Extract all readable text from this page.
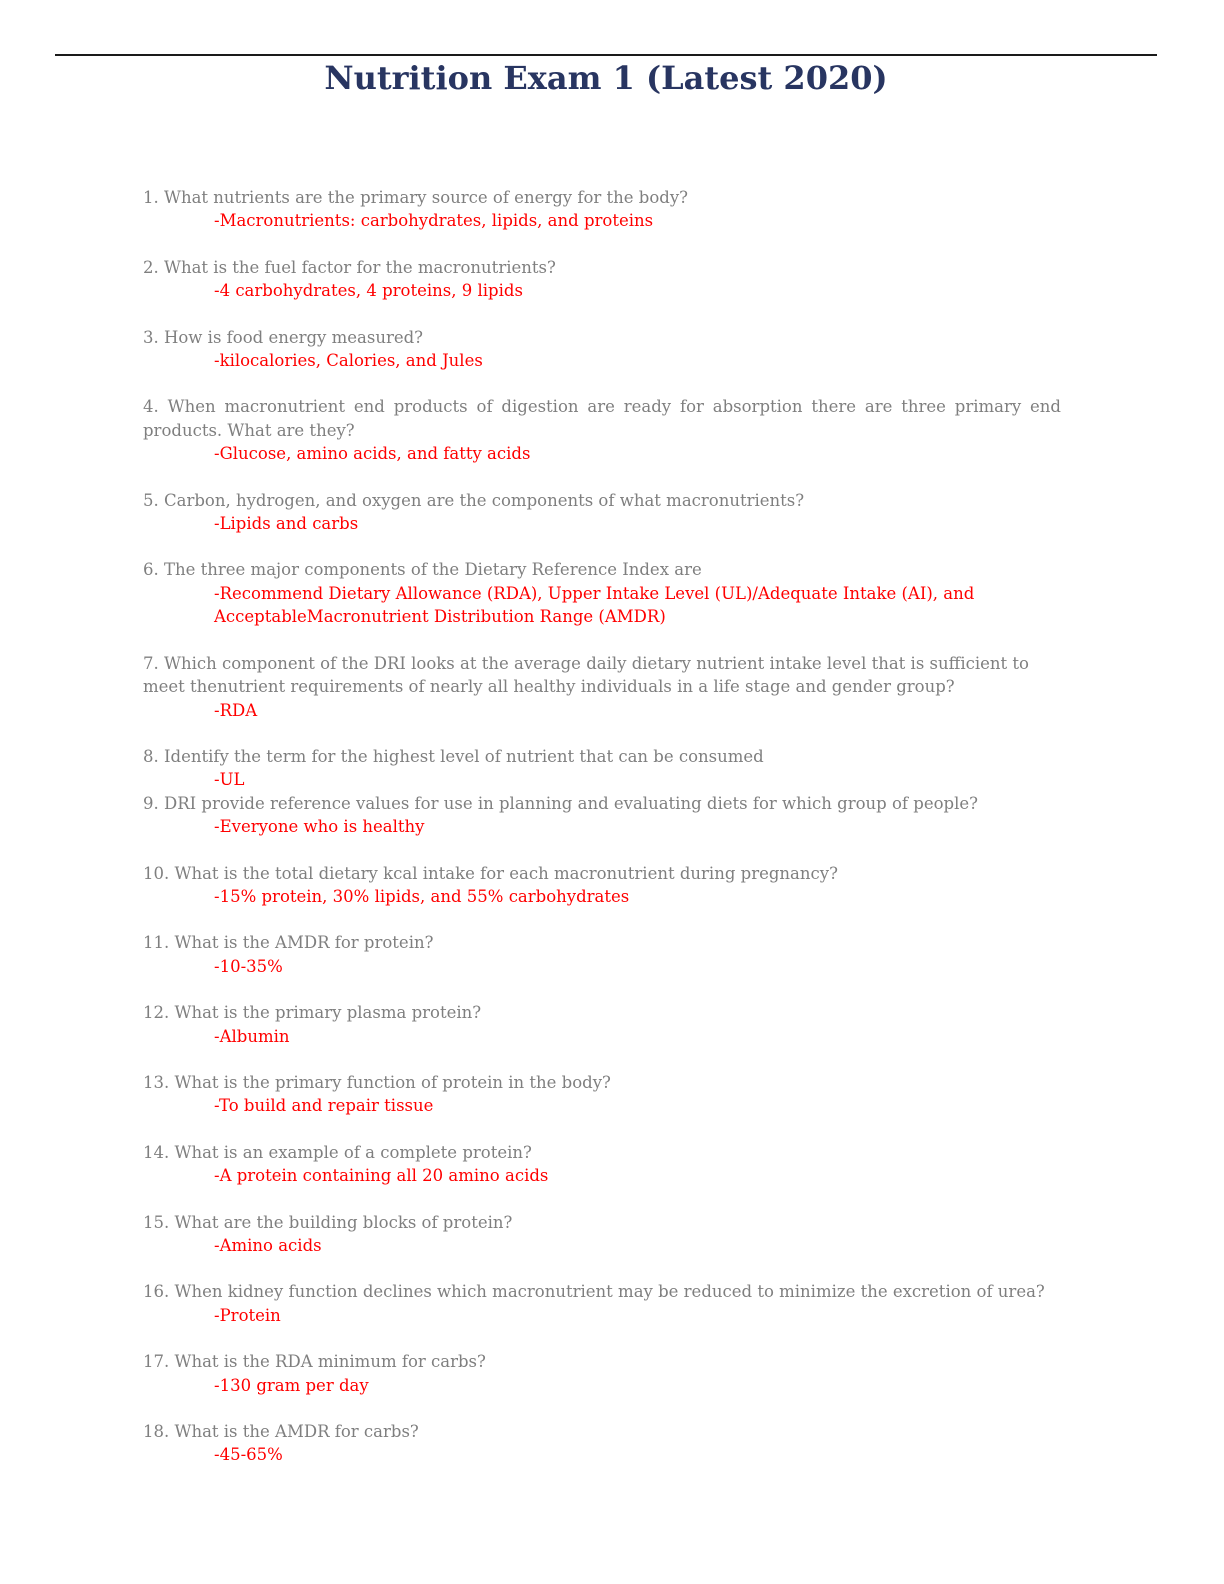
Nutrition Exam 1 (Latest 2020)

1. What nutrients are the primary source of energy for the body?

-Macronutrients: carbohydrates, lipids, and proteins

2. What is the fuel factor for the macronutrients?

-4 carbohydrates, 4 proteins, 9 lipids

3. How is food energy measured?

-kilocalories, Calories, and Jules

4. When macronutrient end products of digestion are ready for absorption there are three primary end products. What are they?

-Glucose, amino acids, and fatty acids

5. Carbon, hydrogen, and oxygen are the components of what macronutrients?

-Lipids and carbs

6. The three major components of the Dietary Reference Index are

-Recommend Dietary Allowance (RDA), Upper Intake Level (UL)/Adequate Intake (AI), and

AcceptableMacronutrient Distribution Range (AMDR)

7. Which component of the DRI looks at the average daily dietary nutrient intake level that is sufficient to meet thenutrient requirements of nearly all healthy individuals in a life stage and gender group?

-RDA

8. Identify the term for the highest level of nutrient that can be consumed

-UL

9. DRI provide reference values for use in planning and evaluating diets for which group of people?

-Everyone who is healthy

10. What is the total dietary kcal intake for each macronutrient during pregnancy?

-15% protein, 30% lipids, and 55% carbohydrates

11. What is the AMDR for protein?

-10-35%

12. What is the primary plasma protein?

-Albumin

13. What is the primary function of protein in the body?

-To build and repair tissue

14. What is an example of a complete protein?

-A protein containing all 20 amino acids

15. What are the building blocks of protein?

-Amino acids

16. When kidney function declines which macronutrient may be reduced to minimize the excretion of urea?

-Protein

17. What is the RDA minimum for carbs?

-130 gram per day

18. What is the AMDR for carbs?

-45-65%
